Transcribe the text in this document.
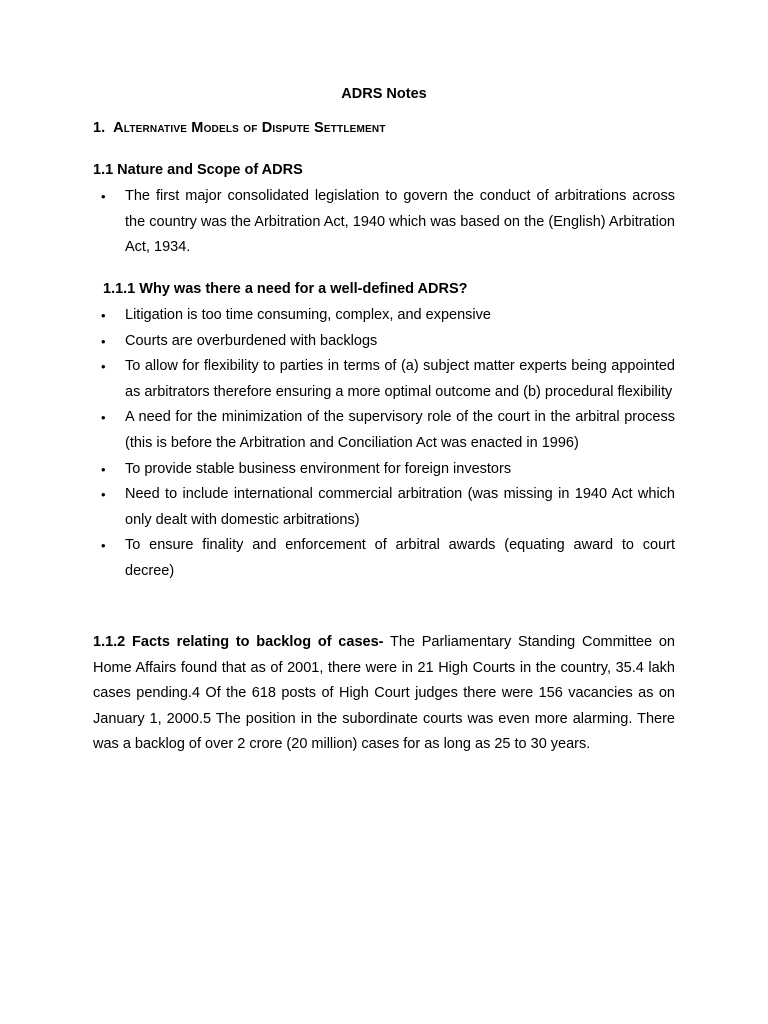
ADRS Notes
1. Alternative Models of Dispute Settlement
1.1 Nature and Scope of ADRS
• The first major consolidated legislation to govern the conduct of arbitrations across the country was the Arbitration Act, 1940 which was based on the (English) Arbitration Act, 1934.
1.1.1 Why was there a need for a well-defined ADRS?
• Litigation is too time consuming, complex, and expensive
• Courts are overburdened with backlogs
• To allow for flexibility to parties in terms of (a) subject matter experts being appointed as arbitrators therefore ensuring a more optimal outcome and (b) procedural flexibility
• A need for the minimization of the supervisory role of the court in the arbitral process (this is before the Arbitration and Conciliation Act was enacted in 1996)
• To provide stable business environment for foreign investors
• Need to include international commercial arbitration (was missing in 1940 Act which only dealt with domestic arbitrations)
• To ensure finality and enforcement of arbitral awards (equating award to court decree)

1.1.2 Facts relating to backlog of cases- The Parliamentary Standing Committee on Home Affairs found that as of 2001, there were in 21 High Courts in the country, 35.4 lakh cases pending.4 Of the 618 posts of High Court judges there were 156 vacancies as on January 1, 2000.5 The position in the subordinate courts was even more alarming. There was a backlog of over 2 crore (20 million) cases for as long as 25 to 30 years.
